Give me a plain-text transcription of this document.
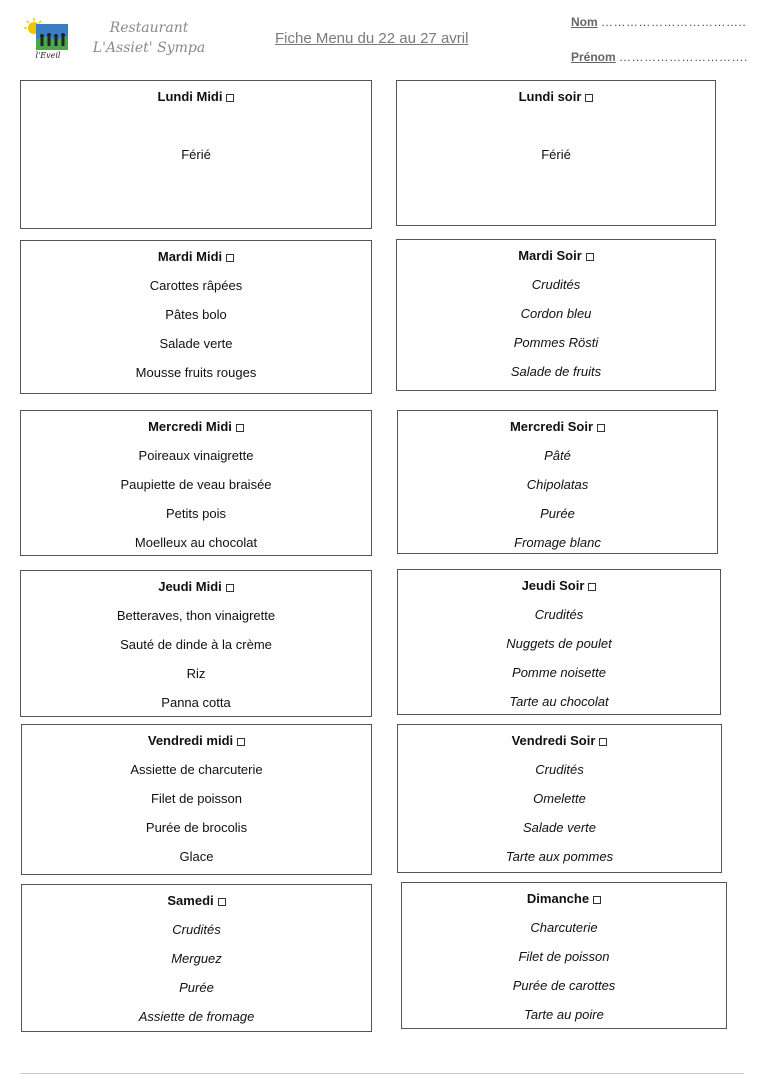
l'Eveil
Restaurant
L'Assiet' Sympa
Fiche Menu du 22 au 27 avril
Nom ……………………………..
Prénom ………………………….
Lundi Midi
Férié
Lundi soir
Férié
Mardi Midi
Carottes râpées
Pâtes bolo
Salade verte
Mousse fruits rouges
Mardi Soir
Crudités
Cordon bleu
Pommes Rösti
Salade de fruits
Mercredi Midi
Poireaux vinaigrette
Paupiette de veau braisée
Petits pois
Moelleux au chocolat
Mercredi Soir
Pâté
Chipolatas
Purée
Fromage blanc
Jeudi Midi
Betteraves, thon vinaigrette
Sauté de dinde à la crème
Riz
Panna cotta
Jeudi Soir
Crudités
Nuggets de poulet
Pomme noisette
Tarte au chocolat
Vendredi midi
Assiette de charcuterie
Filet de poisson
Purée de brocolis
Glace
Vendredi Soir
Crudités
Omelette
Salade verte
Tarte aux pommes
Samedi
Crudités
Merguez
Purée
Assiette de fromage
Dimanche
Charcuterie
Filet de poisson
Purée de carottes
Tarte au poire
